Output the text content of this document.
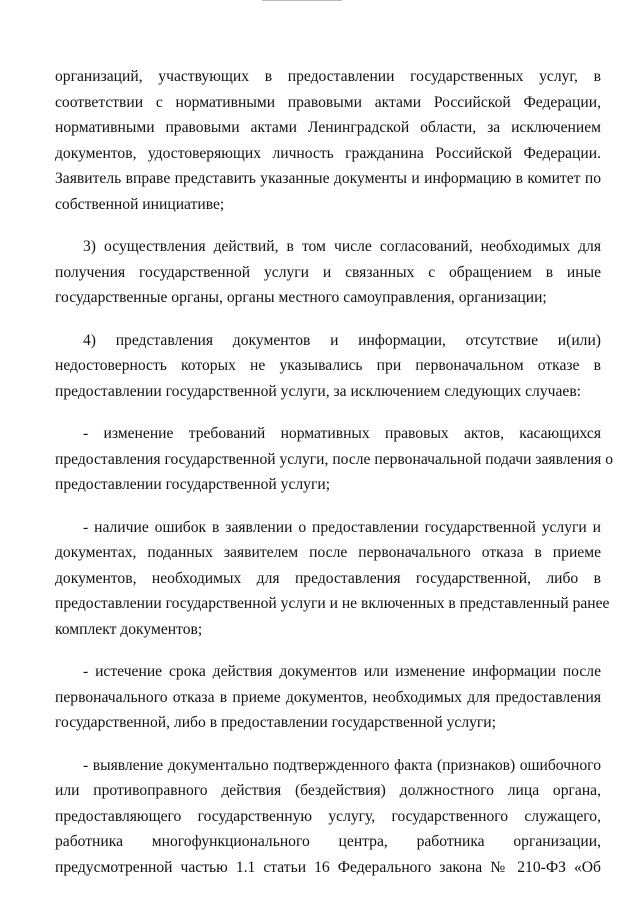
организаций, участвующих в предоставлении государственных услуг, в
соответствии с нормативными правовыми актами Российской Федерации,
нормативными правовыми актами Ленинградской области, за исключением
документов, удостоверяющих личность гражданина Российской Федерации.
Заявитель вправе представить указанные документы и информацию в комитет по
собственной инициативе;
3) осуществления действий, в том числе согласований, необходимых для
получения государственной услуги и связанных с обращением в иные
государственные органы, органы местного самоуправления, организации;
4) представления документов и информации, отсутствие и(или)
недостоверность которых не указывались при первоначальном отказе в
предоставлении государственной услуги, за исключением следующих случаев:
- изменение требований нормативных правовых актов, касающихся
предоставления государственной услуги, после первоначальной подачи заявления о
предоставлении государственной услуги;
- наличие ошибок в заявлении о предоставлении государственной услуги и
документах, поданных заявителем после первоначального отказа в приеме
документов, необходимых для предоставления государственной, либо в
предоставлении государственной услуги и не включенных в представленный ранее
комплект документов;
- истечение срока действия документов или изменение информации после
первоначального отказа в приеме документов, необходимых для предоставления
государственной, либо в предоставлении государственной услуги;
- выявление документально подтвержденного факта (признаков) ошибочного
или противоправного действия (бездействия) должностного лица органа,
предоставляющего государственную услугу, государственного служащего,
работника многофункционального центра, работника организации,
предусмотренной частью 1.1 статьи 16 Федерального закона № 210-ФЗ «Об
